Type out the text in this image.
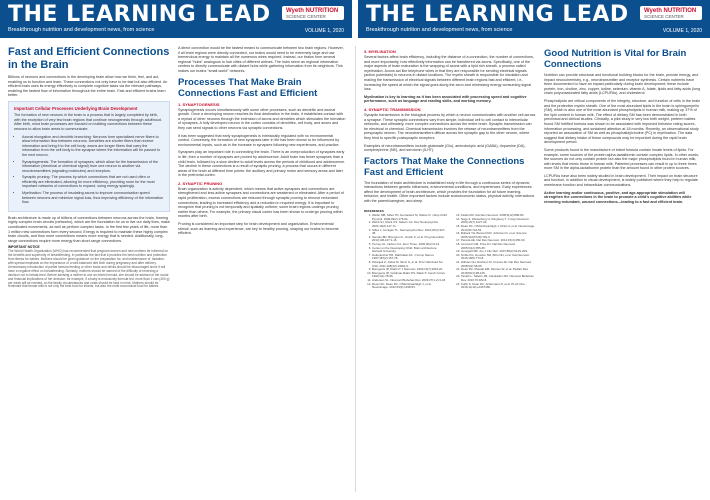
THE LEARNING LEAD
Breakthrough nutrition and development news, from science	VOLUME 1, 2020
Wyeth NUTRITION
SCIENCE CENTER	THE LEARNING LEAD
Breakthrough nutrition and development news, from science	VOLUME 1, 2020
Wyeth NUTRITION
SCIENCE CENTER
Fast and Efficient Connections in the Brain

Billions of neurons and connections in the developing brain allow how we think, feel, and act, enabling us to function and learn. These connections not only have to be fast but also efficient. An efficient brain uses its energy effectively to complete cognitive tasks via the relevant pathways, enabling the fastest flow of information throughout the entire brain. Fast and efficient brains learn better.

Important Cellular Processes Underlying Brain Development

The formation of new neurons in the brain is a process that is largely completed by birth, with the exception of very few brain regions that continue neurogenesis through adulthood. After birth, most brain processes are focused on building connections between these neurons to allow brain areas to communicate.

• Axonal elongation and dendritic branching: Neurons form specialized nerve fibers to allow information flow between neurons. Dendrites are shorter fibers that receive information and bring it to the cell body; axons are longer fibers that carry the information from the cell body to the synapse where the information will be passed to the next neuron.
• Synaptogenesis: The formation of synapses, which allow for the transmission of the information (electrical or chemical signal) from one neuron to another via neurotransmitters (signaling molecules) and receptors.
• Synaptic pruning: The process by which connections that are not used often or efficiently are eliminated, allowing for more efficiency, providing room for the most important networks of connections to expand, using energy sparingly.
• Myelination: The process of insulating axons to improve communication speed between neurons and minimize signal loss, thus improving efficiency of the information flow.

Brain architecture is made up of billions of connections between neurons across the brain, forming highly complex brain circuits (networks), which are the foundation for us to live our daily lives, make coordinated movements, as well as perform complex tasks. In the first few years of life, more than 1 million new connections form every second. Energy is required to maintain these highly complex brain circuits, and thus more connections means more energy that is needed. Additionally, long-range connections require more energy than short-range connections.

IMPORTANT NOTICE
The World Health Organization (WHO) has recommended that pregnant women and new mothers be informed on the benefits and superiority of breastfeeding. In particular the fact that it provides the best nutrition and protection from illness for babies. Mothers should be given guidance on the preparation for, and maintenance of, lactation, with special emphasis on the importance of a well-balanced diet both during pregnancy and after delivery. Unnecessary introduction of partial formula feeding or other foods and drinks should be discouraged since it will have a negative effect on breastfeeding. Similarly, mothers should be warned of the difficulty of reversing a decision not to breast-feed. Before advising a mother to use an infant formula, she should be advised of the social and financial implications of her decision: for example, if a baby is exclusively formula fed, more than 1 can (400 g) per week will be needed, so the family circumstances and costs should be kept in mind. Mothers should be reminded that breast milk is not only the best food for infants, but also the most economical food for babies.

A direct connection would be the fastest means to communicate between two brain regions. However, if all brain regions were directly connected, our brains would need to be extremely large and use tremendous energy to maintain all the numerous wires required. Instead, our brains form several regional "hubs" analogous to hub cities of different airlines. The hubs serve as regional information centers to directly communicate with distant hubs while gathering information from its neighbors. This makes our brains "small-world" networks.

Processes That Make Brain Connections Fast and Efficient
1. SYNAPTOGENESIS

Synaptogenesis occurs simultaneously with some other processes, such as dendritic and axonal growth. Once a developing neuron reaches its final destination in the brain, it establishes contact with a myriad of other neurons through the extension of axons and dendrites which stimulates the formation of synapses. A fully developed neuron in the cortex consists of dendrites, cell body, and axons and they can send signals to other neurons via synaptic connections.

It has been suggested that early synaptogenesis is intrinsically regulated with no environmental control. Conversely, the formation of new synapses later in life has been shown to be influenced by environmental inputs, such as in the increase in synapses following new experiences, and practice.

Synapses play an important role in connecting the brain. There is an overproduction of synapses early in life, then a number of synapses are pruned by adolescence. Adult brain has fewer synapses than a child brain, followed by a slow decline to adult levels across the periods of childhood and adolescence. The decline in these connections is a result of synaptic pruning, a process that occurs in different areas of the brain at different time points: the auditory and primary motor and sensory areas and later in the prefrontal cortex.

2. SYNAPTIC PRUNING

Brain organization is activity dependent, which means that active synapses and connections are strengthened and less active synapses and connections are weakened or eliminated. After a period of rapid proliferation, excess connections are reduced through synaptic pruning to remove redundant connections, leading to increased efficiency and a reduction in required energy. It is important to recognize that pruning is not temporally and spatially uniform; some brain regions undergo pruning earlier than others. For example, the primary visual cortex has been shown to undergo pruning within months after birth.

Pruning is considered an important step for brain development and organization. Environmental stimuli, such as learning and experience, are key to healthy pruning, shaping our brains to become efficient.

3. MYELINATION

Several factors affect brain efficiency, including the distance of a connection, the number of connections, and more importantly, how effectively information can be transferred via axons. Specifically, one of the major aspects of brain maturation is the wrapping of axons with a lipid rich sheath, a process called myelination. Axons act like telephone wires in that they are responsible for sending electrical signals (action potentials) to neurons in distant locations. The myelin sheath is responsible for insulation and making the transmission of electrical signals between different brain regions fast and efficient, i.e., increasing the speed at which the signal goes along the axon and minimizing energy consuming signal loss.

Myelination is key to learning as it has been associated with processing speed and cognitive performance, such as language and reading skills, and working memory.

4. SYNAPTIC TRANSMISSION

Synaptic transmission is the biological process by which a neuron communicates with another cell across a synapse. These synaptic connections vary from simple, individual cell to cell contact to intercellular networks, and ultimately, more complex connections across the entire brain. Synaptic transmission can be electrical or chemical. Chemical transmission involves the release of neurotransmitters from the presynaptic neuron. The neurotransmitters diffuse across the synaptic gap to the other neuron, where they bind to specific postsynaptic receptors.

Examples of neurotransmitters include glutamate (Glu), aminobutyric acid (GABA), dopamine (DA), norepinephrine (NE), and serotonin (5-HT).

Factors That Make the Connections Fast and Efficient

The foundation of brain architecture is established early in life through a continuous series of dynamic interactions between genetic influences, environmental conditions, and experiences. Early experiences affect the development of brain architecture, which provides the foundation for all future learning, behavior, and health. Other important factors include socioeconomic status, physical activity, interactions with the parent/caregiver, and sleep.

REFERENCES
1. Weller MB, Stiles TD, Hernandez M, Weber D. J Exp Child Psychol. 2009;99(2):175-94.
2. Webb SJ, Monk CS, Nelson CA. Dev Neuropsychol. 2001;19(2):147-71.
3. Stiles J, Jernigan TL. Neuropsychol Rev. 2010;20(4):327-48.
4. Semple BD, Blomgren K, Gimlin K, et al. Prog Neurobiol. 2013;106-107:1-16.
5. Tierney AL, Nelson CA. Zero Three. 2009;30(2):9-13.
6. Center on the Developing Child. Brain architecture. Harvard University.
7. Huttenlocher PR, Dabholkar AS. J Comp Neurol. 1997;387(2):167-78.
8. Petanjek Z, Judas M, Simic G, et al. Proc Natl Acad Sci USA. 2011;108(32):13281-6.
9. Bourgeois JP, Rakic P. J Neurosci. 1993;13(7):2801-20.
10. Bourgeois JP, Goldman-Rakic PS, Rakic P. Cereb Cortex. 1994;4(1):78-96.
11. Andersen SL. Neurosci Biobehav Rev. 2003;27(1-2):3-18.
12. Deoni SC, Dean DC, O'Muircheartaigh J, et al. Neuroimage. 2012;63(3):1038-53.
13. Fields RD. Nat Rev Neurosci. 2008;9(12):868-80.
14. Nagy Z, Westerberg H, Klingberg T. J Cogn Neurosci. 2004;16(7):1227-33.
15. Dean DC, O'Muircheartaigh J, Dirks H, et al. Neuroimage. 2014;84:742-52.
16. Bullock TH, Bennett MV, Johnston D, et al. Science. 2005;310(5749):791-3.
17. Pereda AE. Nat Rev Neurosci. 2014;15(4):250-63.
18. Innocenti GM, Price DJ. Nat Rev Neurosci. 2005;6(12):955-65.
19. Georgieff MK. Am J Clin Nutr. 2007;85(2):614S-20S.
20. Noble KG, Houston SM, Brito NH, et al. Nat Neurosci. 2015;18(5):773-8.
21. Hillman CH, Erickson KI, Kramer AF. Nat Rev Neurosci. 2008;9(1):58-65.
22. Dean DC, Planalp EM, Wooten W, et al. Pediatr Res. 2018;84(1):98-105.
23. Tarokh L, Saletin JM, Carskadon MA. Neurosci Biobehav Rev. 2016;70:182-8.
24. Kurth S, Dean DC, Achermann P, et al. PLoS One. 2016;11(12):e0167366.
Good Nutrition is Vital for Brain Connections

Nutrition can provide structural and functional building blocks for the brain, provide energy, and impact neurochemistry, e.g., neurotransmitter and receptor synthesis. Certain nutrients have been documented to have an impact particularly during brain development; these include protein, iron, choline, zinc, copper, iodine, selenium, vitamin A, folate, lipids and fatty acids (long chain polyunsaturated fatty acids (LCPUFAs), and cholesterol.

Phospholipids are critical components of the integrity, structure, and function of cells in the brain and the protective myelin sheath. One of the most abundant lipids in the brain is sphingomyelin (SM), which is also one of the most abundant phospholipids in human milk, making up 37% of the lipid content in human milk. The effect of dietary SM has been demonstrated in both preclinical and clinical studies. Clinically, a pilot study in very low birth weight, preterm babies found SM fortified formula was shown to be associated with improved behavior rating scores, information processing, and sustained attention at 18 months. Recently, an observational study reported an association of SM as well as phosphatidylcholine (PC) in myelination. The data suggest that dietary intake of these compounds may be important during the rapid brain development period.

Some products found in the manufacture of infant formula contain innate levels of lipids. For example, some sources of the protein alpha-lactalbumin contain complex lipids. In other words, the sources do not only contain protein but also the major phospholipids found in human milk, with levels that mimic those in human milk. Patented processes can result in up to three times more SM in the alpha-lactalbumin protein than the amount found in other protein sources.

LCPUFAs have also been widely studied in brain development. Their impact on brain structure and function, in addition to visual development, is widely published where they help to regulate membrane function and intracellular communications.

Active learning and/or continuous, positive, and age-appropriate stimulation will strengthen the connections in the brain to promote a child's cognitive abilities while removing redundant, unused connections—leading to a fast and efficient brain.
